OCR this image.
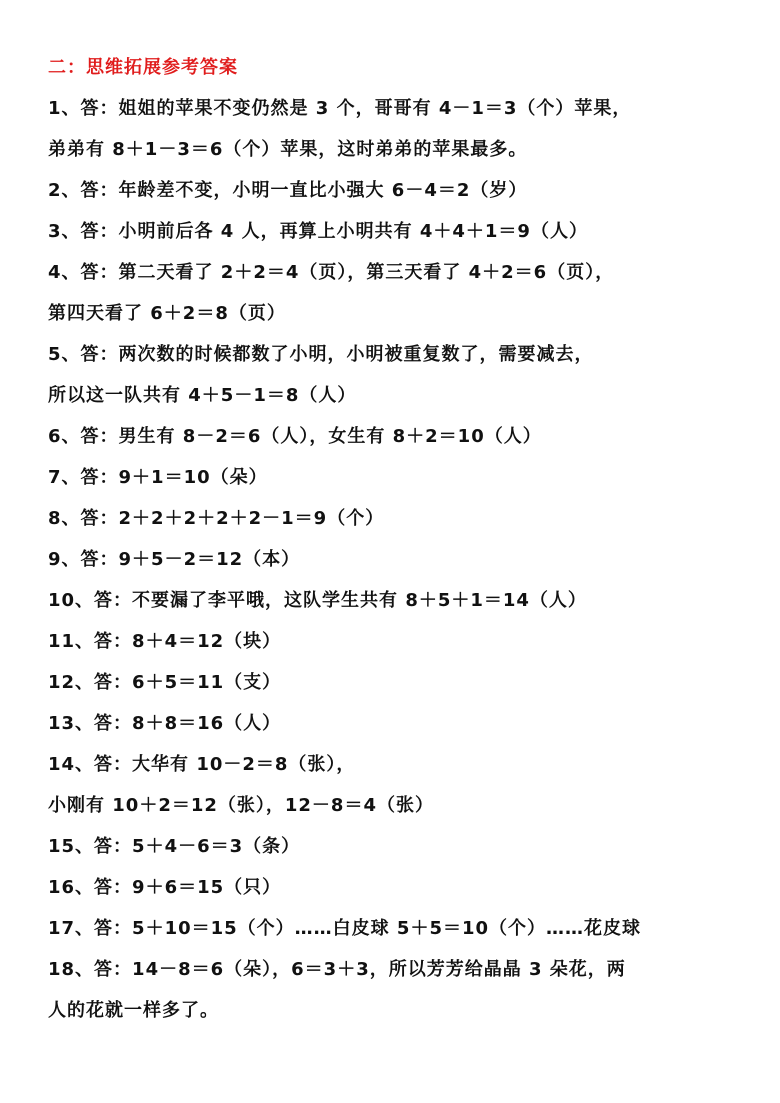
二：思维拓展参考答案
1、答：姐姐的苹果不变仍然是 3 个，哥哥有 4－1＝3（个）苹果，
弟弟有 8＋1－3＝6（个）苹果，这时弟弟的苹果最多。
2、答：年龄差不变，小明一直比小强大 6－4＝2（岁）
3、答：小明前后各 4 人，再算上小明共有 4＋4＋1＝9（人）
4、答：第二天看了 2＋2＝4（页），第三天看了 4＋2＝6（页），
第四天看了 6＋2＝8（页）
5、答：两次数的时候都数了小明，小明被重复数了，需要减去，
所以这一队共有 4＋5－1＝8（人）
6、答：男生有 8－2＝6（人），女生有 8＋2＝10（人）
7、答：9＋1＝10（朵）
8、答：2＋2＋2＋2＋2－1＝9（个）
9、答：9＋5－2＝12（本）
10、答：不要漏了李平哦，这队学生共有 8＋5＋1＝14（人）
11、答：8＋4＝12（块）
12、答：6＋5＝11（支）
13、答：8＋8＝16（人）
14、答：大华有 10－2＝8（张），
小刚有 10＋2＝12（张），12－8＝4（张）
15、答：5＋4－6＝3（条）
16、答：9＋6＝15（只）
17、答：5＋10＝15（个）……白皮球 5＋5＝10（个）……花皮球
18、答：14－8＝6（朵），6＝3＋3，所以芳芳给晶晶 3 朵花，两
人的花就一样多了。
